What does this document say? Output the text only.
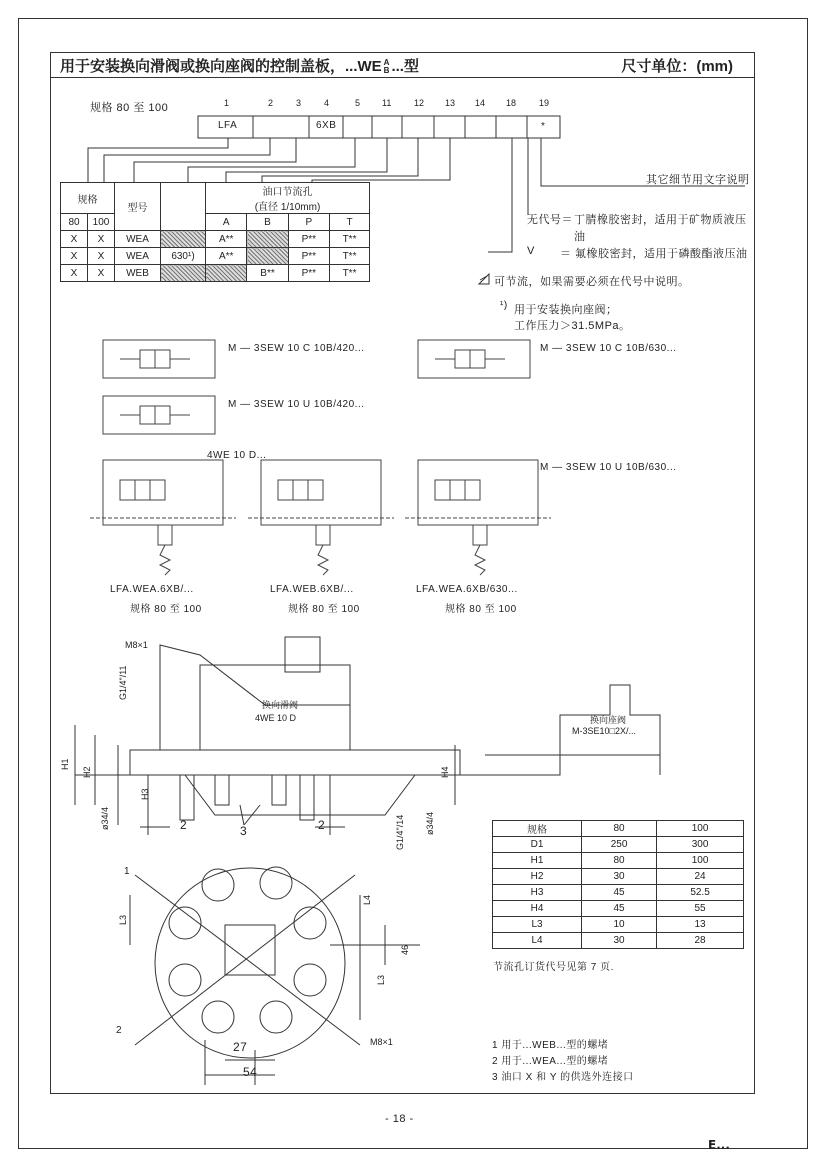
用于安装换向滑阀或换向座阀的控制盖板，...WE A
B ...型	尺寸单位：(mm)
规格 80 至 100	1	2	3	4	5 11	12 13 14 18	19
LFA	6XB	*
其它细节用文字说明
无代号＝ 丁腈橡胶密封，适用于矿物质液压
油
V ＝ 氟橡胶密封，适用于磷酸酯液压油
规格		型号		油口节流孔
(直径 1/10mm)			
80	100			A	B	P	T
X	X	WEA		A**		P**	T**
X	X	WEA	630¹)	A**		P**	T**
X	X	WEB			B**	P**	T**
可节流，如果需要必须在代号中说明。
¹) 用于安装换向座阀；
工作压力＞31.5MPa。
M — 3SEW 10 C 10B/420...	M — 3SEW 10 C 10B/630...
M — 3SEW 10 U 10B/420...
4WE 10 D...
M — 3SEW 10 U 10B/630...
LFA.WEA.6XB/...
规格 80 至 100
LFA.WEB.6XB/...
规格 80 至 100
LFA.WEA.6XB/630...
规格 80 至 100
M8×1
G1/4"/11
换向滑阀
4WE 10 D	换向座阀
M-3SE10□2X/...
H1
H2
H3
H4
ø34/4	2	3	2	G1/4"/14 ø34/4
1
2
L3
L4
46
L3
27
54
M8×1
规格	80	100
D1	250	300
H1	80	100
H2	30	24
H3	45	52.5
H4	45	55
L3	10	13
L4	30	28
节流孔订货代号见第 7 页.
1 用于...WEB...型的螺堵
2 用于...WEA...型的螺堵
3 油口 X 和 Y 的供选外连接口
- 18 -
E...
